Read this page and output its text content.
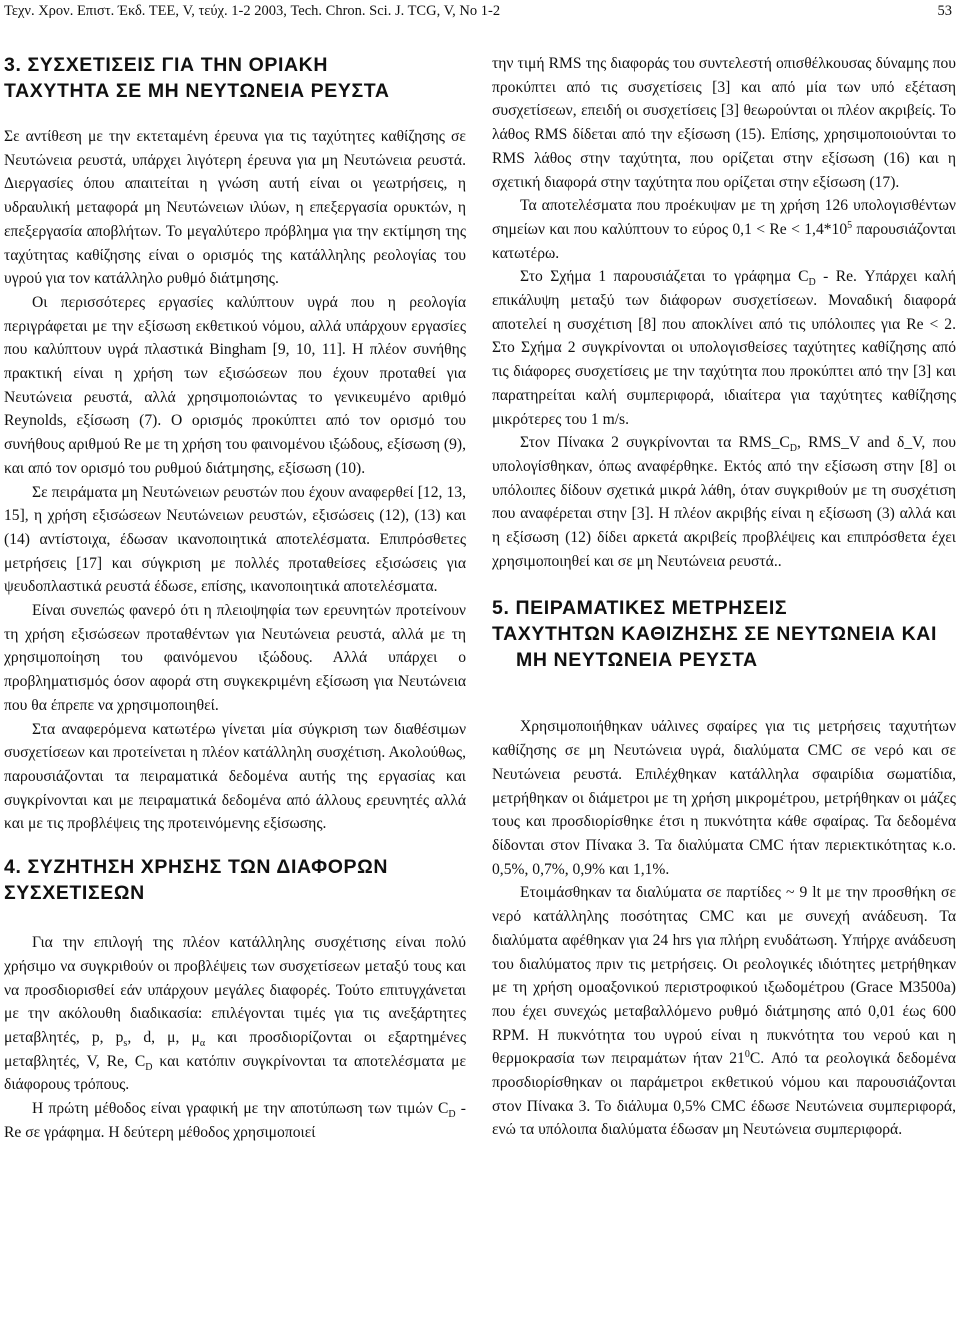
Τεχν. Χρον. Επιστ. Έκδ. ΤΕΕ, V, τεύχ. 1-2 2003, Tech. Chron. Sci. J. TCG, V, No 1-2	53
3. ΣΥΣΧΕΤΙΣΕΙΣ ΓΙΑ ΤΗΝ ΟΡΙΑΚΗ
ΤΑΧΥΤΗΤΑ ΣΕ ΜΗ ΝΕΥΤΩΝΕΙΑ ΡΕΥΣΤΑ

Σε αντίθεση με την εκτεταμένη έρευνα για τις ταχύτητες καθίζησης σε Νευτώνεια ρευστά, υπάρχει λιγότερη έρευνα για μη Νευτώνεια ρευστά. Διεργασίες όπου απαιτείται η γνώση αυτή είναι οι γεωτρήσεις, η υδραυλική μεταφορά μη Νευτώνειων ιλύων, η επεξεργασία ορυκτών, η επεξεργασία αποβλήτων. Το μεγαλύτερο πρόβλημα για την εκτίμηση της ταχύτητας καθίζησης είναι ο ορισμός της κατάλληλης ρεολογίας του υγρού για τον κατάλληλο ρυθμό διάτμησης.

Οι περισσότερες εργασίες καλύπτουν υγρά που η ρεολογία περιγράφεται με την εξίσωση εκθετικού νόμου, αλλά υπάρχουν εργασίες που καλύπτουν υγρά πλαστικά Bingham [9, 10, 11]. Η πλέον συνήθης πρακτική είναι η χρήση των εξισώσεων που έχουν προταθεί για Νευτώνεια ρευστά, αλλά χρησιμοποιώντας το γενικευμένο αριθμό Reynolds, εξίσωση (7). Ο ορισμός προκύπτει από τον ορισμό του συνήθους αριθμού Re με τη χρήση του φαινομένου ιξώδους, εξίσωση (9), και από τον ορισμό του ρυθμού διάτμησης, εξίσωση (10).

Σε πειράματα μη Νευτώνειων ρευστών που έχουν αναφερθεί [12, 13, 15], η χρήση εξισώσεων Νευτώνειων ρευστών, εξισώσεις (12), (13) και (14) αντίστοιχα, έδωσαν ικανοποιητικά αποτελέσματα. Επιπρόσθετες μετρήσεις [17] και σύγκριση με πολλές προταθείσες εξισώσεις για ψευδοπλαστικά ρευστά έδωσε, επίσης, ικανοποιητικά αποτελέσματα.

Είναι συνεπώς φανερό ότι η πλειοψηφία των ερευνητών προτείνουν τη χρήση εξισώσεων προταθέντων για Νευτώνεια ρευστά, αλλά με τη χρησιμοποίηση του φαινόμενου ιξώδους. Αλλά υπάρχει ο προβληματισμός όσον αφορά στη συγκεκριμένη εξίσωση για Νευτώνεια που θα έπρεπε να χρησιμοποιηθεί.

Στα αναφερόμενα κατωτέρω γίνεται μία σύγκριση των διαθέσιμων συσχετίσεων και προτείνεται η πλέον κατάλληλη συσχέτιση. Ακολούθως, παρουσιάζονται τα πειραματικά δεδομένα αυτής της εργασίας και συγκρίνονται και με πειραματικά δεδομένα από άλλους ερευνητές αλλά και με τις προβλέψεις της προτεινόμενης εξίσωσης.

4. ΣΥΖΗΤΗΣΗ ΧΡΗΣΗΣ ΤΩΝ ΔΙΑΦΟΡΩΝ ΣΥΣΧΕΤΙΣΕΩΝ

Για την επιλογή της πλέον κατάλληλης συσχέτισης είναι πολύ χρήσιμο να συγκριθούν οι προβλέψεις των συσχετίσεων μεταξύ τους και να προσδιορισθεί εάν υπάρχουν μεγάλες διαφορές. Τούτο επιτυγχάνεται με την ακόλουθη διαδικασία: επιλέγονται τιμές για τις ανεξάρτητες μεταβλητές, p, $p_s$, d, μ, $\mu_\alpha$ και προσδιορίζονται οι εξαρτημένες μεταβλητές, V, Re, $C_D$ και κατόπιν συγκρίνονται τα αποτελέσματα με διάφορους τρόπους.

Η πρώτη μέθοδος είναι γραφική με την αποτύπωση των τιμών $C_D$ - Re σε γράφημα. Η δεύτερη μέθοδος χρησιμοποιεί

την τιμή RMS της διαφοράς του συντελεστή οπισθέλκουσας δύναμης που προκύπτει από τις συσχετίσεις [3] και από μία των υπό εξέταση συσχετίσεων, επειδή οι συσχετίσεις [3] θεωρούνται οι πλέον ακριβείς. Το λάθος RMS δίδεται από την εξίσωση (15). Επίσης, χρησιμοποιούνται το RMS λάθος στην ταχύτητα, που ορίζεται στην εξίσωση (16) και η σχετική διαφορά στην ταχύτητα που ορίζεται στην εξίσωση (17).

Τα αποτελέσματα που προέκυψαν με τη χρήση 126 υπολογισθέντων σημείων και που καλύπτουν το εύρος $0,1 < Re < 1,4*10^5$ παρουσιάζονται κατωτέρω.

Στο Σχήμα 1 παρουσιάζεται το γράφημα $C_D$ - Re. Υπάρχει καλή επικάλυψη μεταξύ των διάφορων συσχετίσεων. Μοναδική διαφορά αποτελεί η συσχέτιση [8] που αποκλίνει από τις υπόλοιπες για Re < 2. Στο Σχήμα 2 συγκρίνονται οι υπολογισθείσες ταχύτητες καθίζησης από τις διάφορες συσχετίσεις με την ταχύτητα που προκύπτει από την [3] και παρατηρείται καλή συμπεριφορά, ιδιαίτερα για ταχύτητες καθίζησης μικρότερες του 1 m/s.

Στον Πίνακα 2 συγκρίνονται τα $RMS\_C_D$, RMS_V and δ_V, που υπολογίσθηκαν, όπως αναφέρθηκε. Εκτός από την εξίσωση στην [8] οι υπόλοιπες δίδουν σχετικά μικρά λάθη, όταν συγκριθούν με τη συσχέτιση που αναφέρεται στην [3]. Η πλέον ακριβής είναι η εξίσωση (3) αλλά και η εξίσωση (12) δίδει αρκετά ακριβείς προβλέψεις και επιπρόσθετα έχει χρησιμοποιηθεί και σε μη Νευτώνεια ρευστά..

5. ΠΕΙΡΑΜΑΤΙΚΕΣ ΜΕΤΡΗΣΕΙΣ
ΤΑΧΥΤΗΤΩΝ ΚΑΘΙΖΗΣΗΣ ΣΕ ΝΕΥΤΩΝΕΙΑ ΚΑΙ ΜΗ ΝΕΥΤΩΝΕΙΑ ΡΕΥΣΤΑ

Χρησιμοποιήθηκαν υάλινες σφαίρες για τις μετρήσεις ταχυτήτων καθίζησης σε μη Νευτώνεια υγρά, διαλύματα CMC σε νερό και σε Νευτώνεια ρευστά. Επιλέχθηκαν κατάλληλα σφαιρίδια σωματίδια, μετρήθηκαν οι διάμετροι με τη χρήση μικρομέτρου, μετρήθηκαν οι μάζες τους και προσδιορίσθηκε έτσι η πυκνότητα κάθε σφαίρας. Τα δεδομένα δίδονται στον Πίνακα 3. Τα διαλύματα CMC ήταν περιεκτικότητας κ.ο. 0,5%, 0,7%, 0,9% και 1,1%.

Ετοιμάσθηκαν τα διαλύματα σε παρτίδες ~ 9 lt με την προσθήκη σε νερό κατάλληλης ποσότητας CMC και με συνεχή ανάδευση. Τα διαλύματα αφέθηκαν για 24 hrs για πλήρη ενυδάτωση. Υπήρχε ανάδευση του διαλύματος πριν τις μετρήσεις. Οι ρεολογικές ιδιότητες μετρήθηκαν με τη χρήση ομοαξονικού περιστροφικού ιξωδομέτρου (Grace M3500a) που έχει συνεχώς μεταβαλλόμενο ρυθμό διάτμησης από 0,01 έως 600 RPM. Η πυκνότητα του υγρού είναι η πυκνότητα του νερού και η θερμοκρασία των πειραμάτων ήταν $21^0C$. Από τα ρεολογικά δεδομένα προσδιορίσθηκαν οι παράμετροι εκθετικού νόμου και παρουσιάζονται στον Πίνακα 3. Το διάλυμα 0,5% CMC έδωσε Νευτώνεια συμπεριφορά, ενώ τα υπόλοιπα διαλύματα έδωσαν μη Νευτώνεια συμπεριφορά.
